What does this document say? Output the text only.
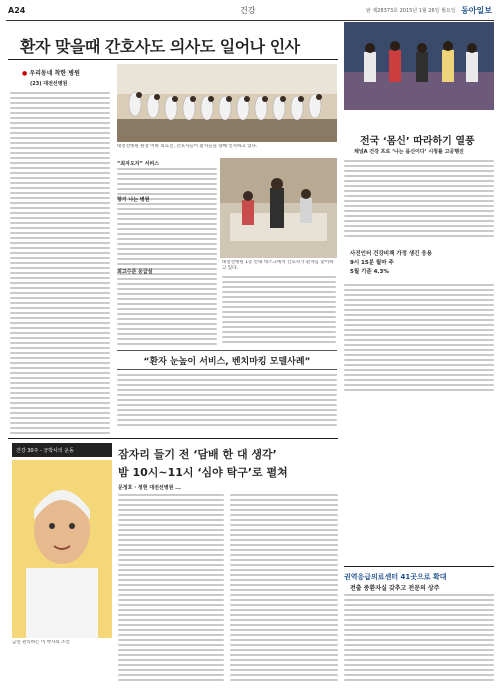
A24	건강	판 제28373호 2015년 1월 26일 월요일 동아일보
환자 맞을때 간호사도 의사도 일어나 인사
● 우리동네 착한 병원
(23) 대전선병원
대전선병원 원장 이하 의료진, 간호사들이 환자들을 향해 인사하고 있다.
“최자도자” 서비스
향기 나는 병원
최고수준 응급실
대전선병원 1층 안내 데스크에서 간호사가 환자를 맞이하고 있다.
“환자 눈높이 서비스, 벤치마킹 모델사례”
전국 ‘몸신’ 따라하기 열풍
채널A 건강 프로 ‘나는 몸신이다’ 시청률 고공행진
사진인터 건강비책 가정 생긴 응용
9시 15분 월마 주
5월 기준 4.3%
건강 30주 - 긍박사의 운동
금연 관리하는 이 박사의 조언
잠자리 들기 전 ‘담배 한 대 생각’
밤 10시~11시 ‘심야 탁구’로 펼쳐
문정호 · 정현 대전선병원 ...
권역응급의료센터 41곳으로 확대
전출 중환자실 갖추고 전문의 상주
